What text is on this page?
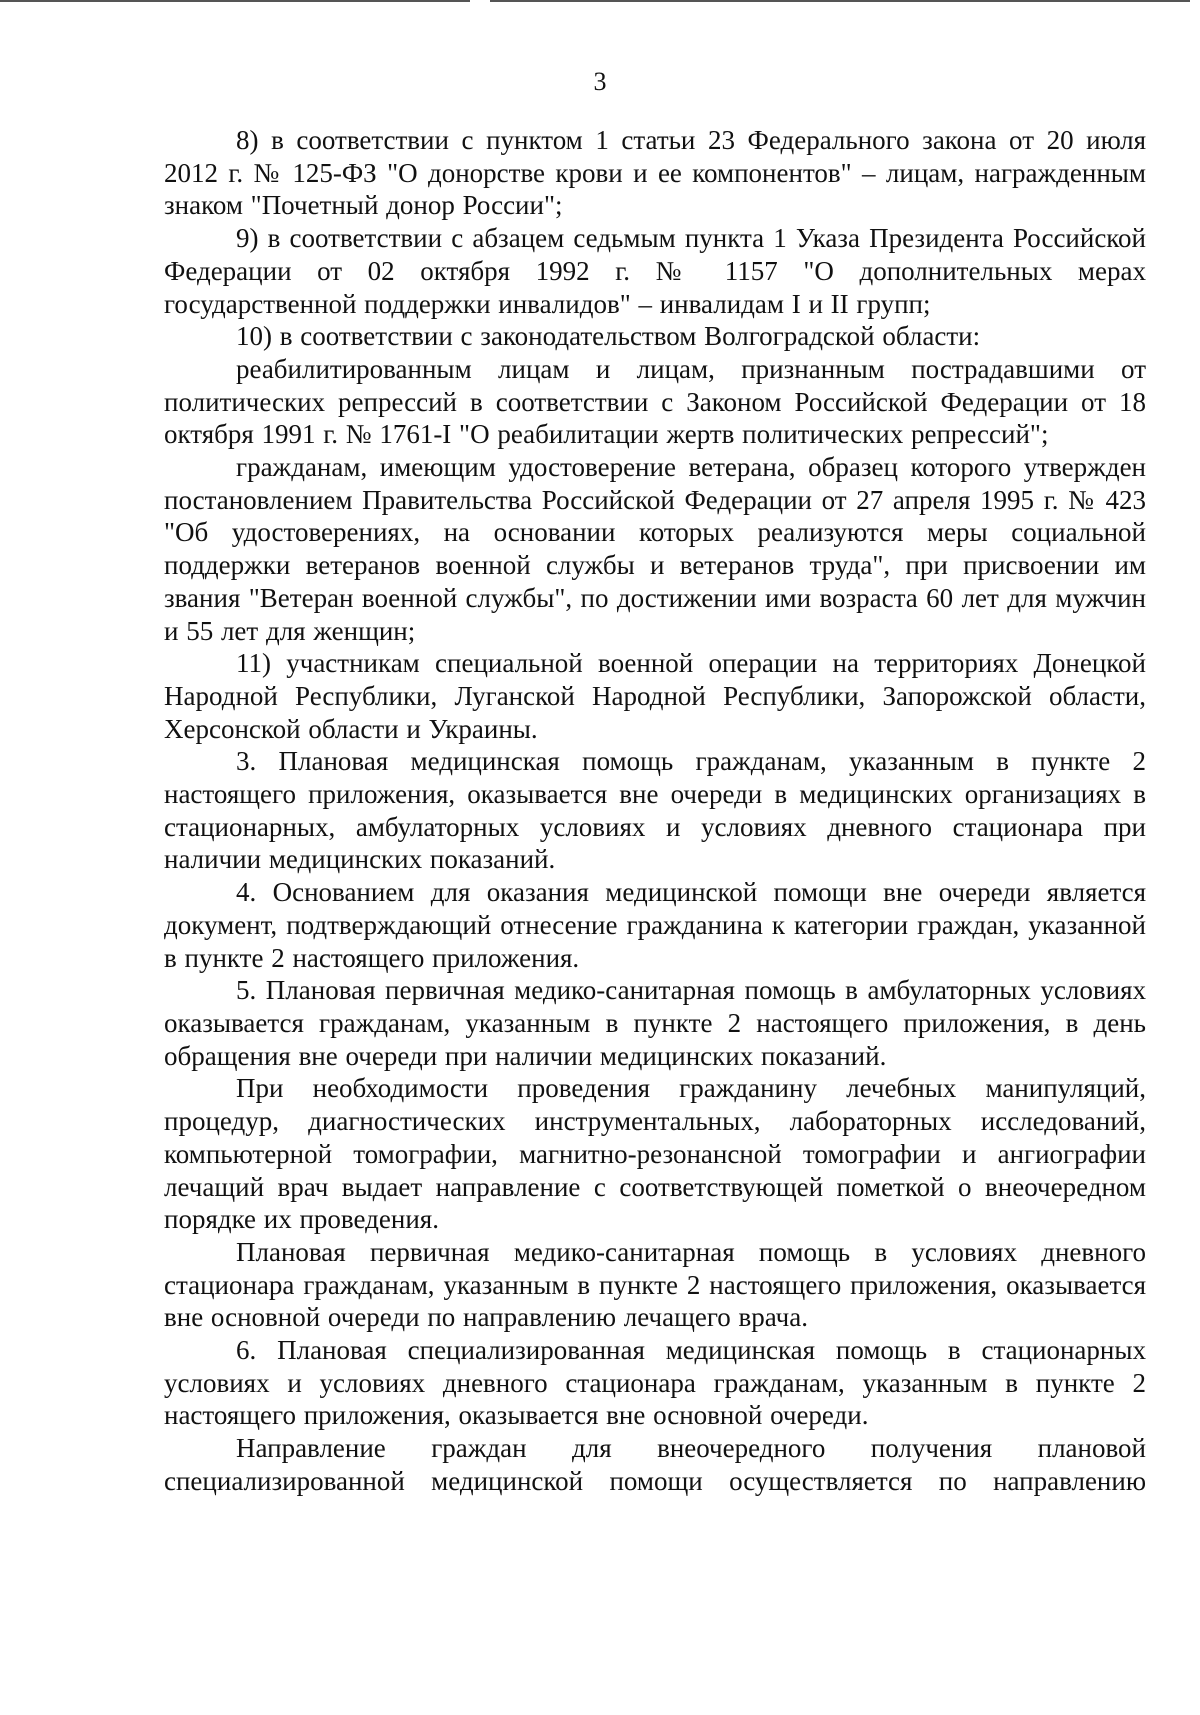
3

8) в соответствии с пунктом 1 статьи 23 Федерального закона от 20 июля 2012 г. № 125-ФЗ "О донорстве крови и ее компонентов" – лицам, награжденным знаком "Почетный донор России";

9) в соответствии с абзацем седьмым пункта 1 Указа Президента Российской Федерации от 02 октября 1992 г. № 1157 "О дополнительных мерах государственной поддержки инвалидов" – инвалидам I и II групп;

10) в соответствии с законодательством Волгоградской области:

реабилитированным лицам и лицам, признанным пострадавшими от политических репрессий в соответствии с Законом Российской Федерации от 18 октября 1991 г. № 1761-I "О реабилитации жертв политических репрессий";

гражданам, имеющим удостоверение ветерана, образец которого утвержден постановлением Правительства Российской Федерации от 27 апреля 1995 г. № 423 "Об удостоверениях, на основании которых реализуются меры социальной поддержки ветеранов военной службы и ветеранов труда", при присвоении им звания "Ветеран военной службы", по достижении ими возраста 60 лет для мужчин и 55 лет для женщин;

11) участникам специальной военной операции на территориях Донецкой Народной Республики, Луганской Народной Республики, Запорожской области, Херсонской области и Украины.

3. Плановая медицинская помощь гражданам, указанным в пункте 2 настоящего приложения, оказывается вне очереди в медицинских организациях в стационарных, амбулаторных условиях и условиях дневного стационара при наличии медицинских показаний.

4. Основанием для оказания медицинской помощи вне очереди является документ, подтверждающий отнесение гражданина к категории граждан, указанной в пункте 2 настоящего приложения.

5. Плановая первичная медико-санитарная помощь в амбулаторных условиях оказывается гражданам, указанным в пункте 2 настоящего приложения, в день обращения вне очереди при наличии медицинских показаний.

При необходимости проведения гражданину лечебных манипуляций, процедур, диагностических инструментальных, лабораторных исследований, компьютерной томографии, магнитно-резонансной томографии и ангиографии лечащий врач выдает направление с соответствующей пометкой о внеочередном порядке их проведения.

Плановая первичная медико-санитарная помощь в условиях дневного стационара гражданам, указанным в пункте 2 настоящего приложения, оказывается вне основной очереди по направлению лечащего врача.

6. Плановая специализированная медицинская помощь в стационарных условиях и условиях дневного стационара гражданам, указанным в пункте 2 настоящего приложения, оказывается вне основной очереди.

Направление граждан для внеочередного получения плановой специализированной медицинской помощи осуществляется по направлению
